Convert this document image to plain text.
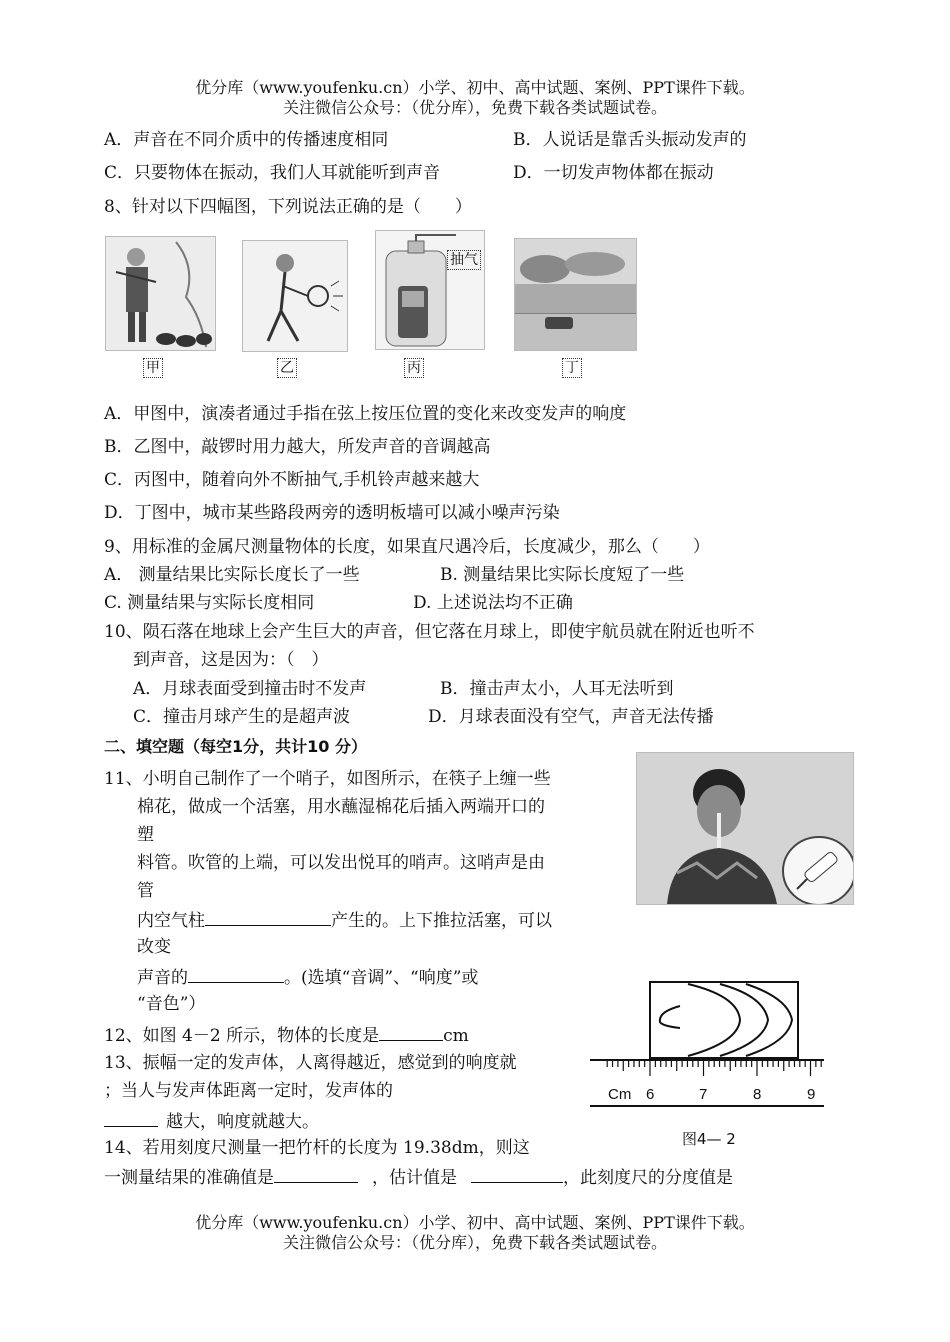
优分库（www.youfenku.cn）小学、初中、高中试题、案例、PPT课件下载。
关注微信公众号：（优分库），免费下载各类试题试卷。
A．声音在不同介质中的传播速度相同	B．人说话是靠舌头振动发声的
C．只要物体在振动，我们人耳就能听到声音	D．一切发声物体都在振动
8、针对以下四幅图，下列说法正确的是（　　）
甲	乙
抽气
丙	丁
A．甲图中，演凑者通过手指在弦上按压位置的变化来改变发声的响度
B．乙图中，敲锣时用力越大，所发声音的音调越高
C．丙图中，随着向外不断抽气,手机铃声越来越大
D．丁图中，城市某些路段两旁的透明板墙可以减小噪声污染
9、用标准的金属尺测量物体的长度，如果直尺遇冷后，长度减少，那么（　　）
A． 测量结果比实际长度长了一些	B. 测量结果比实际长度短了一些
C. 测量结果与实际长度相同	D. 上述说法均不正确
10、陨石落在地球上会产生巨大的声音，但它落在月球上，即使宇航员就在附近也听不
到声音，这是因为：（　）
A．月球表面受到撞击时不发声	B．撞击声太小，人耳无法听到
C．撞击月球产生的是超声波	D．月球表面没有空气，声音无法传播
二、填空题（每空1分，共计10 分）
11、小明自己制作了一个哨子，如图所示，在筷子上缠一些
棉花，做成一个活塞，用水蘸湿棉花后插入两端开口的
塑
料管。吹管的上端，可以发出悦耳的哨声。这哨声是由
管
内空气柱	产生的。上下推拉活塞，可以
改变
声音的	。(选填“音调”、“响度”或
“音色”）
12、如图 4－2 所示，物体的长度是	cm
13、振幅一定的发声体，人离得越近，感觉到的响度就
；当人与发声体距离一定时，发声体的
越大，响度就越大。
14、若用刻度尺测量一把竹杆的长度为 19.38dm，则这
一测量结果的准确值是	，估计值是	，此刻度尺的分度值是
Cm 6	7	8	9
图4— 2
优分库（www.youfenku.cn）小学、初中、高中试题、案例、PPT课件下载。
关注微信公众号：（优分库），免费下载各类试题试卷。
